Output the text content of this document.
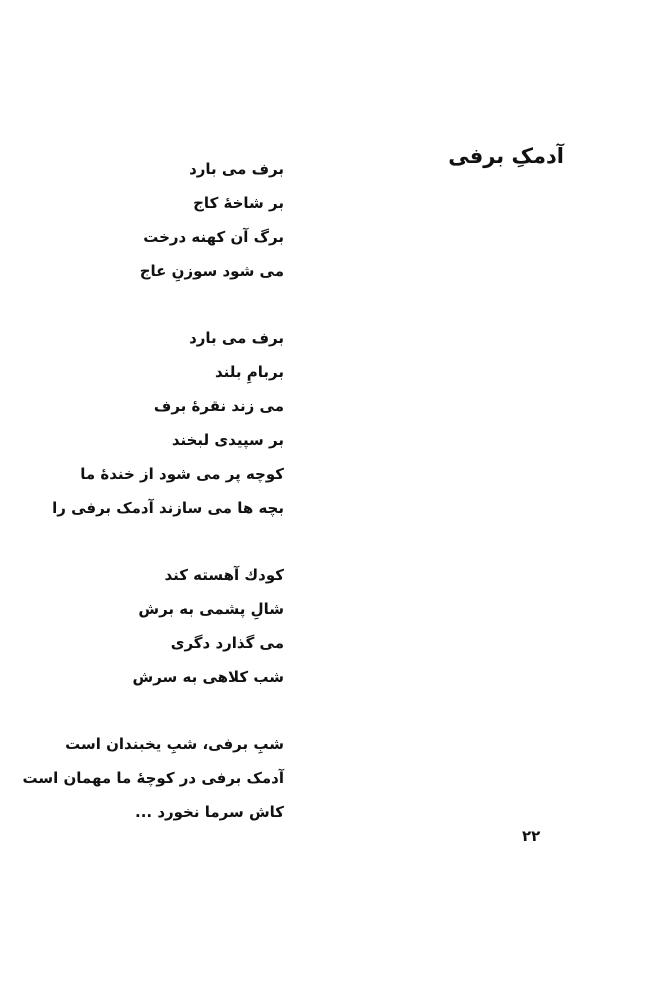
آدمکِ برفی
برف می بارد
بر شاخهٔ کاج
برگ آن کهنه درخت
می شود سوزنِ عاج
برف می بارد
بربامِ بلند
می زند نقرهٔ برف
بر سپیدی لبخند
کوچه پر می شود از خندهٔ ما
بچه ها می سازند آدمک برفی را
کودك آهسته کند
شالِ پشمی به برش
می گذارد دگری
شب کلاهی به سرش
شبِ برفی، شبِ یخبندان است
آدمک برفی در کوچهٔ ما مهمان است
کاش سرما نخورد ...
۲۲
